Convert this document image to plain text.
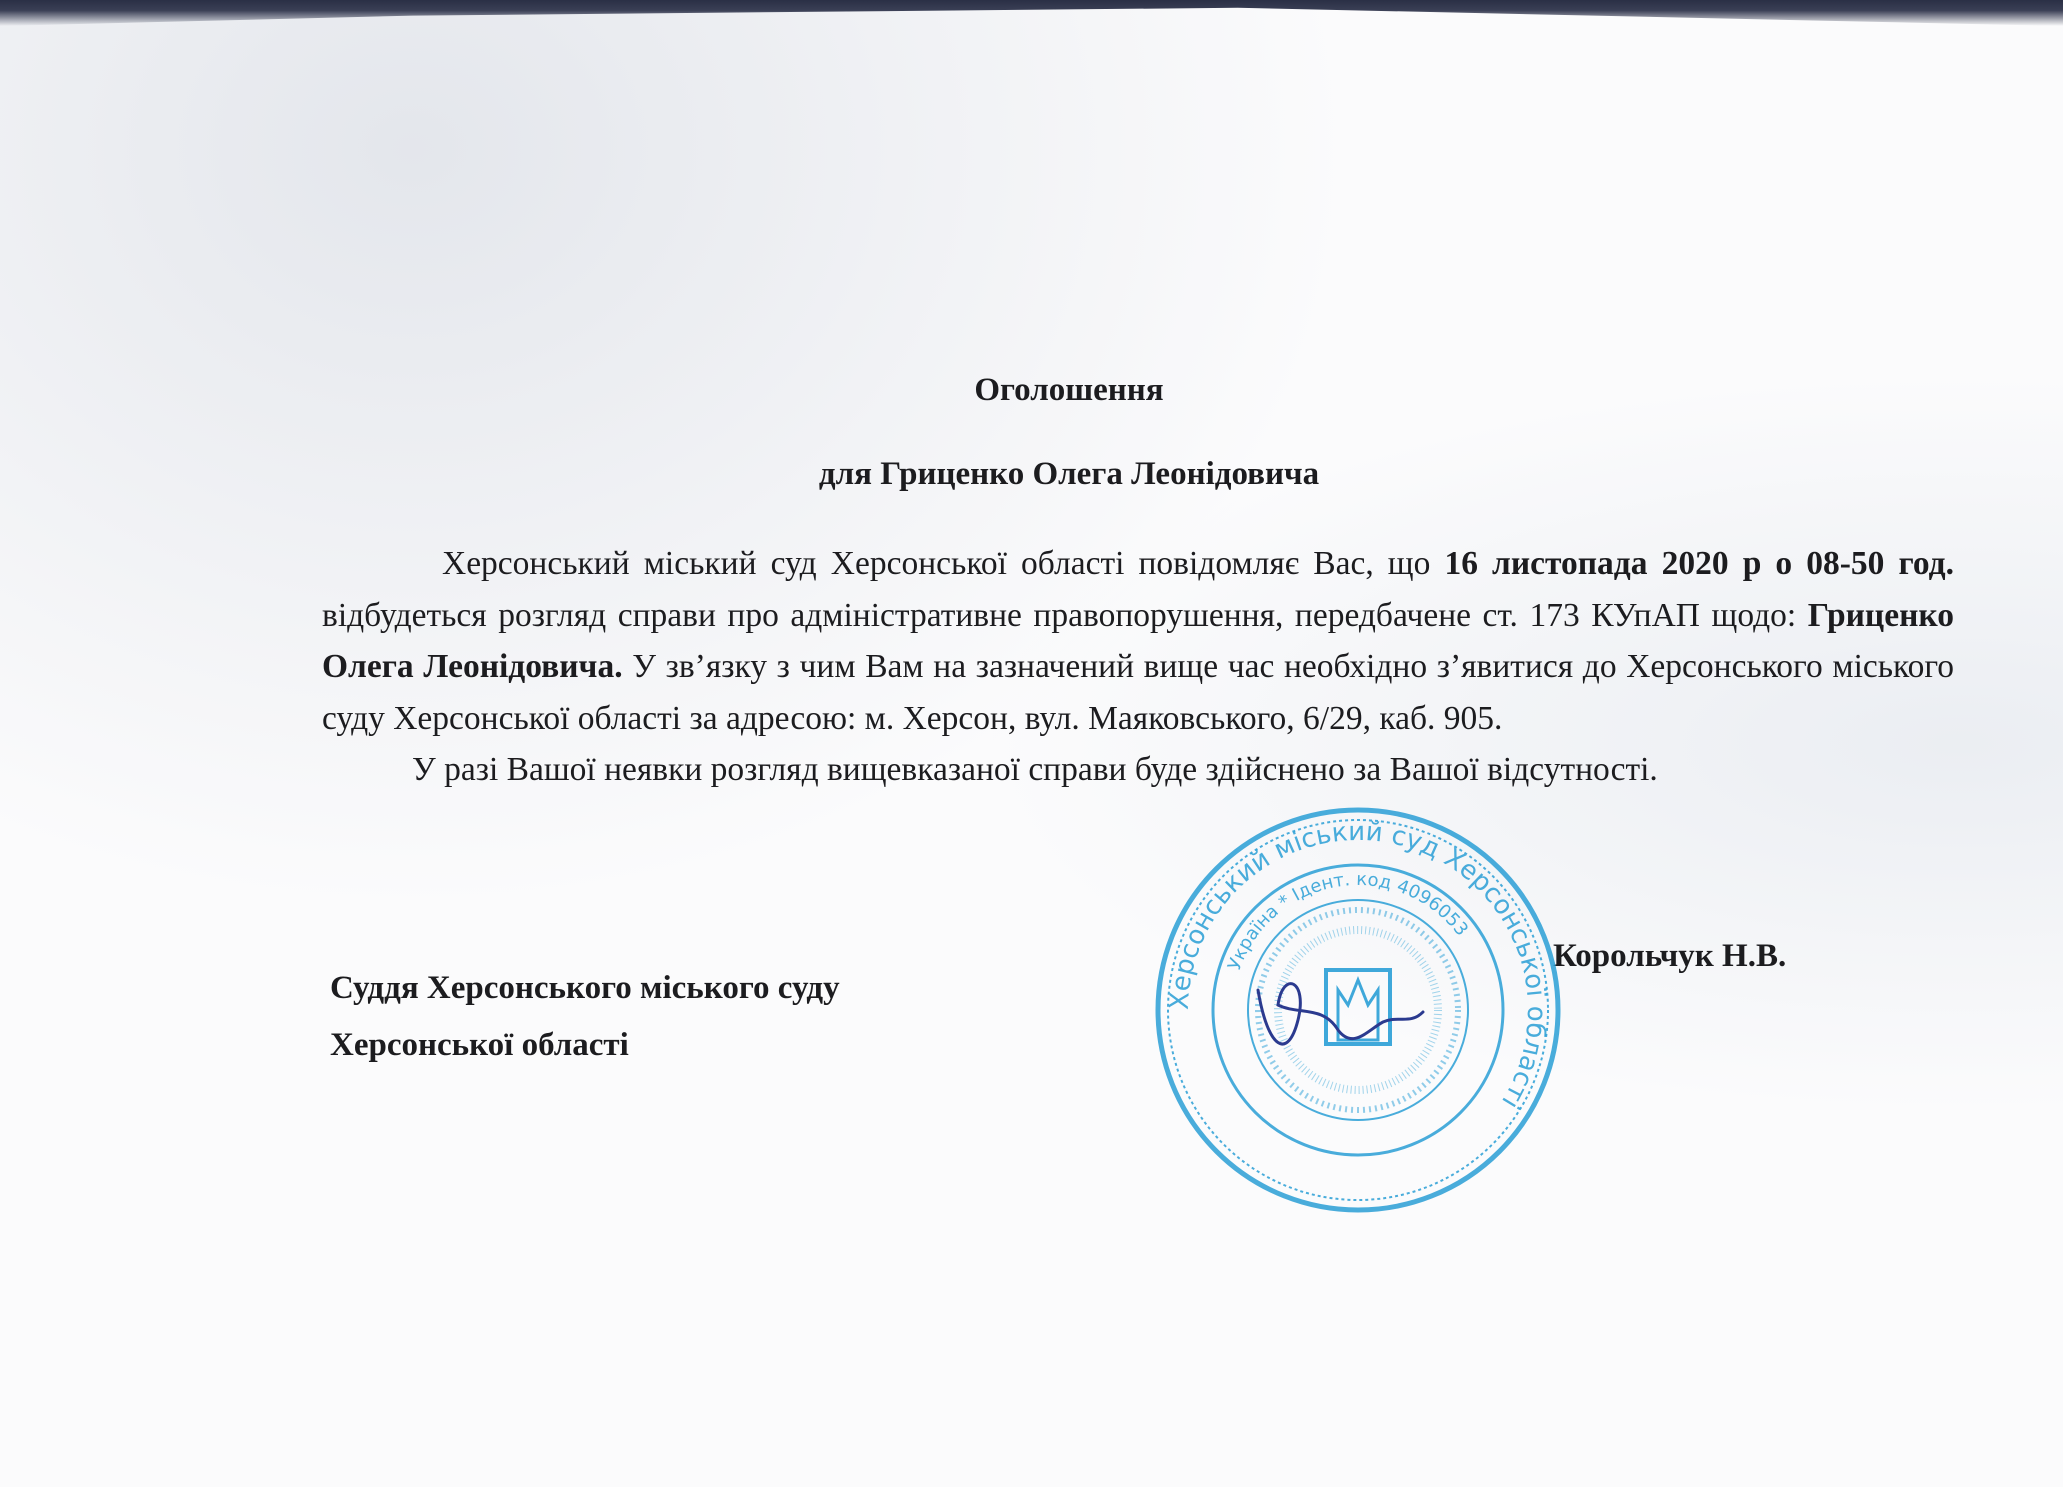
Оголошення
для Гриценко Олега Леонідовича

Херсонський міський суд Херсонської області повідомляє Вас, що 16 листопада 2020 р о 08-50 год. відбудеться розгляд справи про адміністративне правопорушення, передбачене ст. 173 КУпАП щодо: Гриценко Олега Леонідовича. У зв’язку з чим Вам на зазначений вище час необхідно з’явитися до Херсонського міського суду Херсонської області за адресою: м. Херсон, вул. Маяковського, 6/29, каб. 905.

У разі Вашої неявки розгляд вищевказаної справи буде здійснено за Вашої відсутності.

Суддя Херсонського міського суду
Херсонської області
Корольчук Н.В.
Херсонський міський суд Херсонської області
Україна * Ідент. код 4096053
